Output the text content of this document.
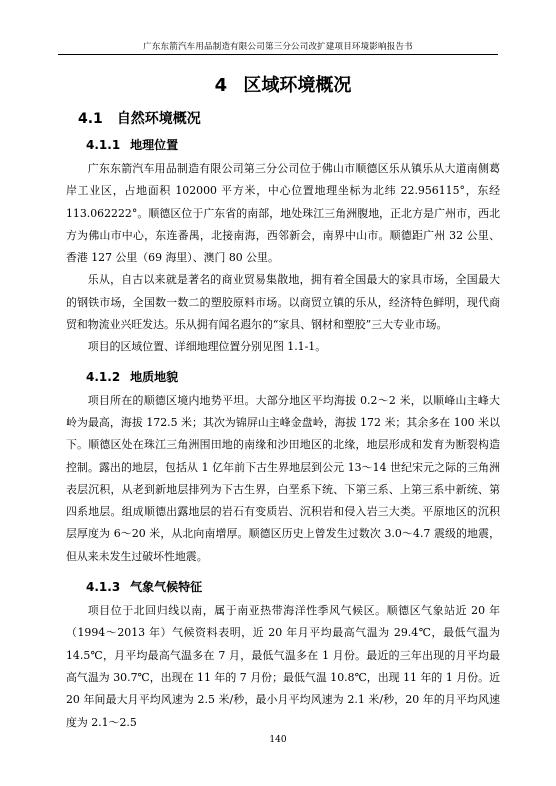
广东东箭汽车用品制造有限公司第三分公司改扩建项目环境影响报告书
4 区域环境概况
4.1 自然环境概况
4.1.1 地理位置

广东东箭汽车用品制造有限公司第三分公司位于佛山市顺德区乐从镇乐从大道南侧葛岸工业区，占地面积 102000 平方米，中心位置地理坐标为北纬 22.956115°，东经 113.062222°。顺德区位于广东省的南部，地处珠江三角洲腹地，正北方是广州市，西北方为佛山市中心，东连番禺，北接南海，西邻新会，南界中山市。顺德距广州 32 公里、香港 127 公里（69 海里）、澳门 80 公里。

乐从，自古以来就是著名的商业贸易集散地，拥有着全国最大的家具市场，全国最大的钢铁市场，全国数一数二的塑胶原料市场。以商贸立镇的乐从，经济特色鲜明，现代商贸和物流业兴旺发达。乐从拥有闻名遐尔的“家具、钢材和塑胶”三大专业市场。

项目的区域位置、详细地理位置分别见图 1.1-1。

4.1.2 地质地貌

项目所在的顺德区境内地势平坦。大部分地区平均海拔 0.2～2 米，以顺峰山主峰大岭为最高，海拔 172.5 米；其次为锦屏山主峰金盘岭，海拔 172 米；其余多在 100 米以下。顺德区处在珠江三角洲围田地的南缘和沙田地区的北缘，地层形成和发育为断裂构造控制。露出的地层，包括从 1 亿年前下古生界地层到公元 13～14 世纪宋元之际的三角洲表层沉积，从老到新地层排列为下古生界，白垩系下统、下第三系、上第三系中新统、第四系地层。组成顺德出露地层的岩石有变质岩、沉积岩和侵入岩三大类。平原地区的沉积层厚度为 6～20 米，从北向南增厚。顺德区历史上曾发生过数次 3.0～4.7 震级的地震，但从来未发生过破坏性地震。

4.1.3 气象气候特征

项目位于北回归线以南，属于南亚热带海洋性季风气候区。顺德区气象站近 20 年（1994～2013 年）气候资料表明，近 20 年月平均最高气温为 29.4℃，最低气温为 14.5℃，月平均最高气温多在 7 月，最低气温多在 1 月份。最近的三年出现的月平均最高气温为 30.7℃，出现在 11 年的 7 月份；最低气温 10.8℃，出现 11 年的 1 月份。近 20 年间最大月平均风速为 2.5 米/秒，最小月平均风速为 2.1 米/秒，20 年的月平均风速度为 2.1～2.5

140
